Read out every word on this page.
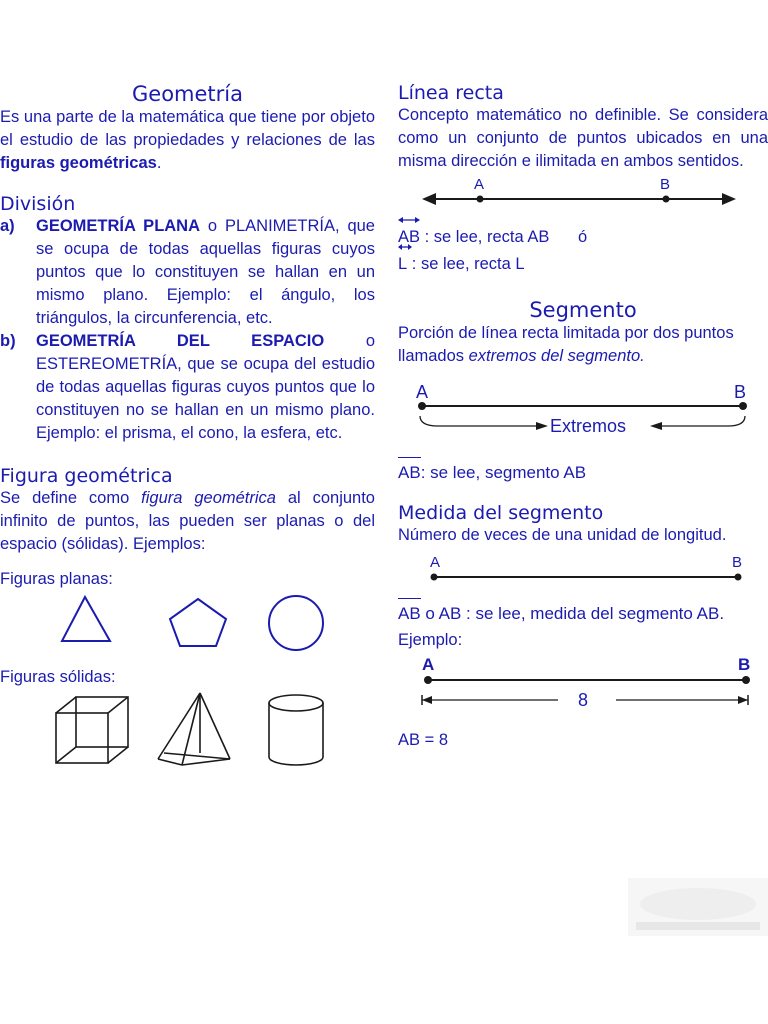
Geometría

Es una parte de la matemática que tiene por objeto el estudio de las propiedades y relaciones de las figuras geométricas.

División
a)	GEOMETRÍA PLANA o PLANIMETRÍA, que se ocupa de todas aquellas figuras cuyos puntos que lo constituyen se hallan en un mismo plano. Ejemplo: el ángulo, los triángulos, la circunferencia, etc.
b)	GEOMETRÍA DEL ESPACIO o ESTEREOMETRÍA, que se ocupa del estudio de todas aquellas figuras cuyos puntos que lo constituyen no se hallan en un mismo plano. Ejemplo: el prisma, el cono, la esfera, etc.
Figura geométrica

Se define como figura geométrica al conjunto infinito de puntos, las pueden ser planas o del espacio (sólidas). Ejemplos:

Figuras planas:

Figuras sólidas:

Línea recta

Concepto matemático no definible. Se considera como un conjunto de puntos ubicados en una misma dirección e ilimitada en ambos sentidos.

A	B

AB : se lee, recta AB ó

L : se lee, recta L

Segmento

Porción de línea recta limitada por dos puntos llamados extremos del segmento.

A	B
Extremos

AB: se lee, segmento AB

Medida del segmento

Número de veces de una unidad de longitud.

A	B

AB o AB : se lee, medida del segmento AB.

Ejemplo:

A	B
8

AB = 8
